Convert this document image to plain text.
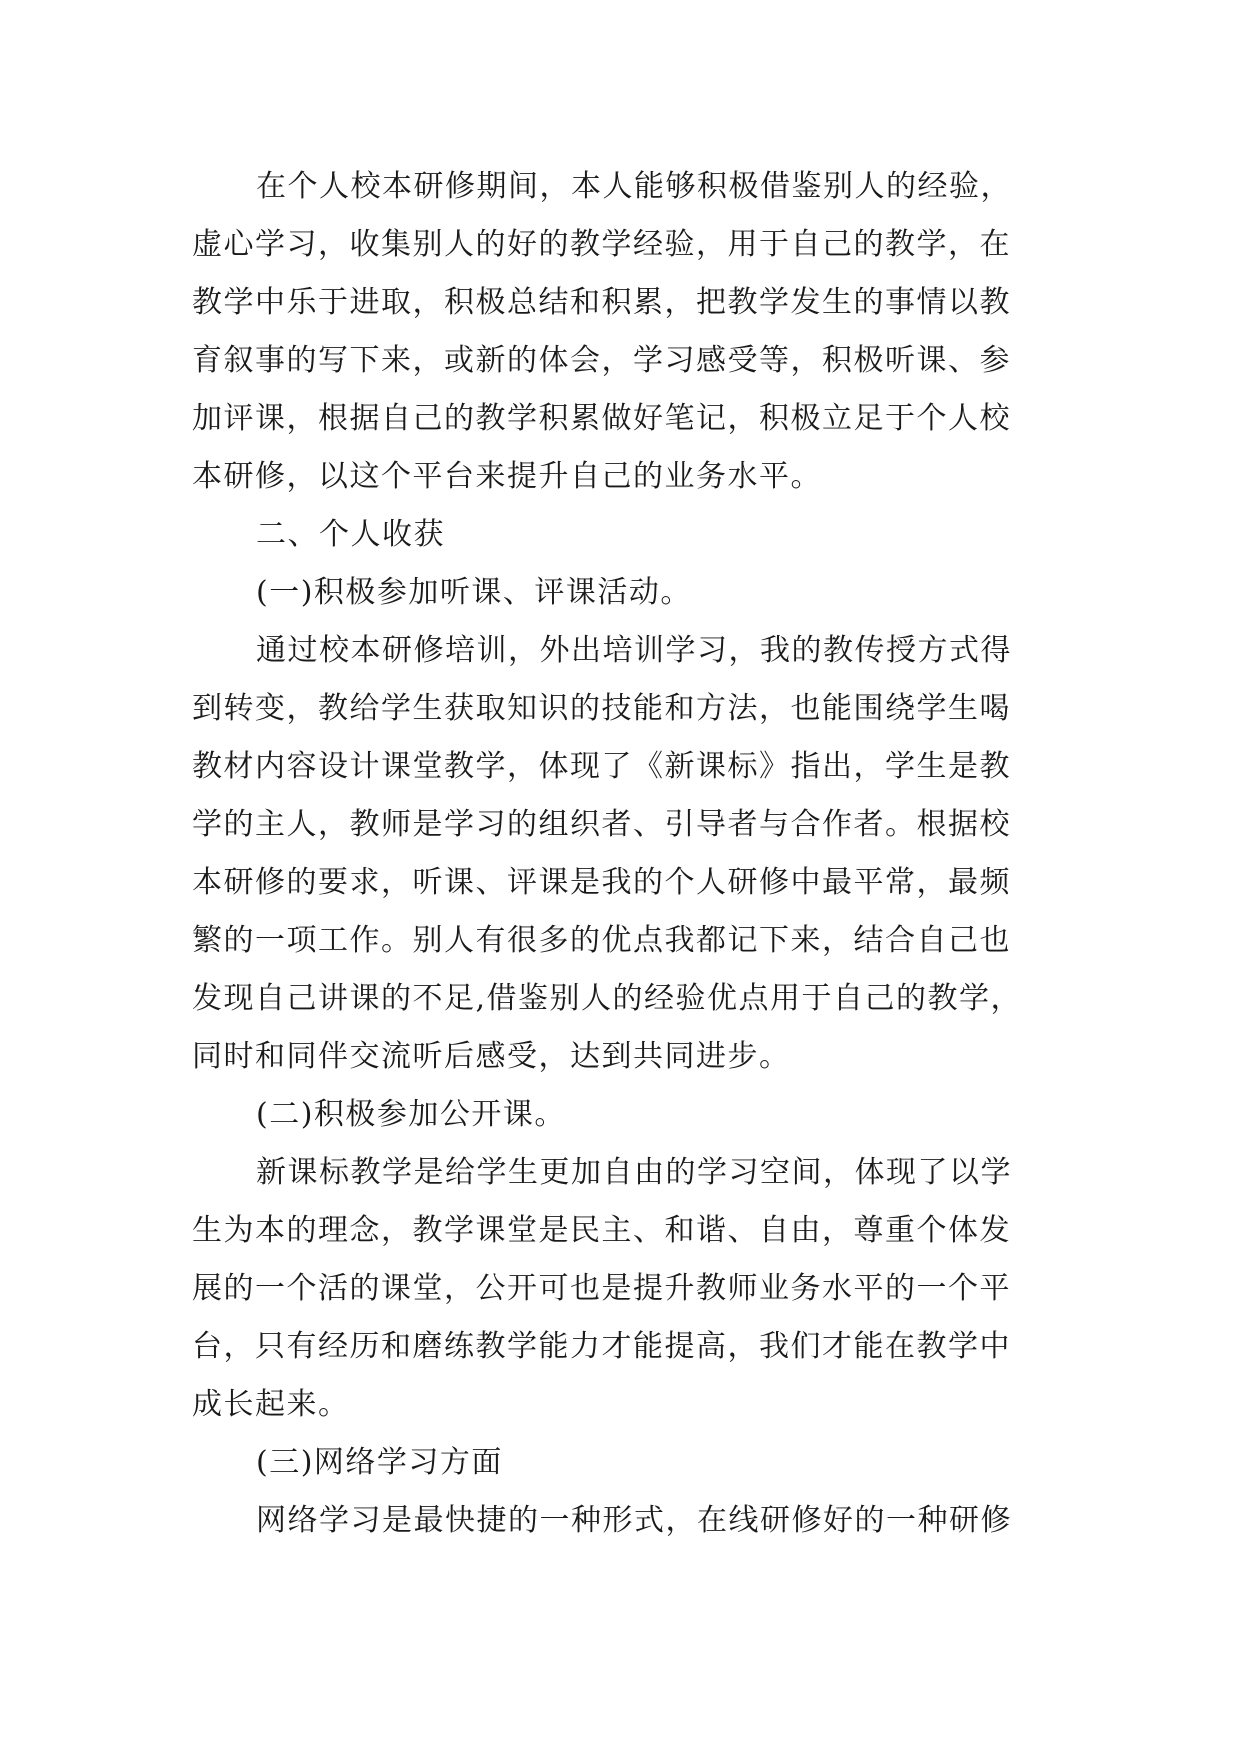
在个人校本研修期间，本人能够积极借鉴别人的经验，
虚心学习，收集别人的好的教学经验，用于自己的教学，在
教学中乐于进取，积极总结和积累，把教学发生的事情以教
育叙事的写下来，或新的体会，学习感受等，积极听课、参
加评课，根据自己的教学积累做好笔记，积极立足于个人校
本研修，以这个平台来提升自己的业务水平。
二、个人收获
(一)积极参加听课、评课活动。
通过校本研修培训，外出培训学习，我的教传授方式得
到转变，教给学生获取知识的技能和方法，也能围绕学生喝
教材内容设计课堂教学，体现了《新课标》指出，学生是教
学的主人，教师是学习的组织者、引导者与合作者。根据校
本研修的要求，听课、评课是我的个人研修中最平常，最频
繁的一项工作。别人有很多的优点我都记下来，结合自己也
发现自己讲课的不足,借鉴别人的经验优点用于自己的教学，
同时和同伴交流听后感受，达到共同进步。
(二)积极参加公开课。
新课标教学是给学生更加自由的学习空间，体现了以学
生为本的理念，教学课堂是民主、和谐、自由，尊重个体发
展的一个活的课堂，公开可也是提升教师业务水平的一个平
台，只有经历和磨练教学能力才能提高，我们才能在教学中
成长起来。
(三)网络学习方面
网络学习是最快捷的一种形式，在线研修好的一种研修
